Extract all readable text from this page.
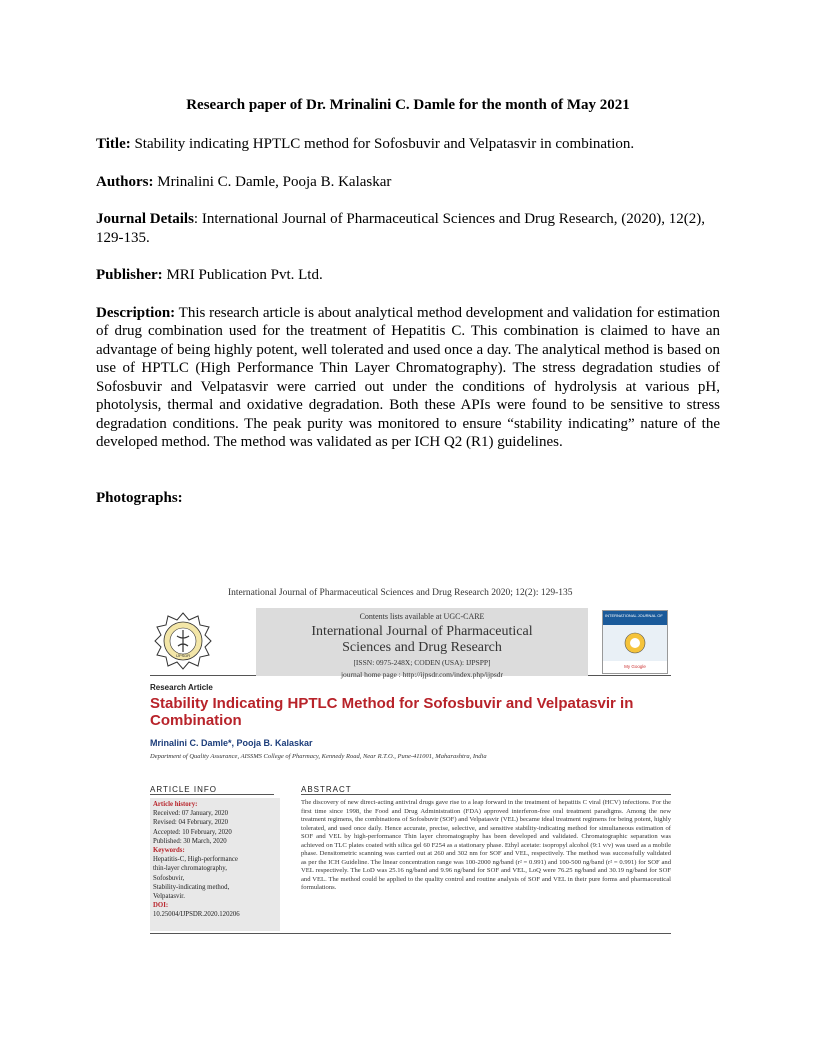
Research paper of Dr. Mrinalini C. Damle for the month of May 2021

Title: Stability indicating HPTLC method for Sofosbuvir and Velpatasvir in combination.

Authors: Mrinalini C. Damle, Pooja B. Kalaskar

Journal Details: International Journal of Pharmaceutical Sciences and Drug Research, (2020), 12(2), 129-135.

Publisher: MRI Publication Pvt. Ltd.

Description: This research article is about analytical method development and validation for estimation of drug combination used for the treatment of Hepatitis C. This combination is claimed to have an advantage of being highly potent, well tolerated and used once a day. The analytical method is based on use of HPTLC (High Performance Thin Layer Chromatography). The stress degradation studies of Sofosbuvir and Velpatasvir were carried out under the conditions of hydrolysis at various pH, photolysis, thermal and oxidative degradation. Both these APIs were found to be sensitive to stress degradation conditions. The peak purity was monitored to ensure “stability indicating” nature of the developed method. The method was validated as per ICH Q2 (R1) guidelines.

Photographs:

International Journal of Pharmaceutical Sciences and Drug Research 2020; 12(2): 129-135
IJPSDR
Contents lists available at UGC-CARE
International Journal of Pharmaceutical
Sciences and Drug Research
[ISSN: 0975-248X; CODEN (USA): IJPSPP]
journal home page : http://ijpsdr.com/index.php/ijpsdr
INTERNATIONAL JOURNAL OF
My Google
Research Article
Stability Indicating HPTLC Method for Sofosbuvir and Velpatasvir in Combination
Mrinalini C. Damle*, Pooja B. Kalaskar
Department of Quality Assurance, AISSMS College of Pharmacy, Kennedy Road, Near R.T.O., Pune-411001, Maharashtra, India
ARTICLE INFO	ABSTRACT
Article history:
Received: 07 January, 2020
Revised: 04 February, 2020
Accepted: 10 February, 2020
Published: 30 March, 2020
Keywords:
Hepatitis-C, High-performance
thin-layer chromatography,
Sofosbuvir,
Stability-indicating method,
Velpatasvir.
DOI:
10.25004/IJPSDR.2020.120206
The discovery of new direct-acting antiviral drugs gave rise to a leap forward in the treatment of hepatitis C viral (HCV) infections. For the first time since 1998, the Food and Drug Administration (FDA) approved interferon-free oral treatment paradigms. Among the new treatment regimens, the combinations of Sofosbuvir (SOF) and Velpatasvir (VEL) became ideal treatment regimens for being potent, highly tolerated, and used once daily. Hence accurate, precise, selective, and sensitive stability-indicating method for simultaneous estimation of SOF and VEL by high-performance Thin layer chromatography has been developed and validated. Chromatographic separation was achieved on TLC plates coated with silica gel 60 F254 as a stationary phase. Ethyl acetate: isopropyl alcohol (9:1 v/v) was used as a mobile phase. Densitometric scanning was carried out at 260 and 302 nm for SOF and VEL, respectively. The method was successfully validated as per the ICH Guideline. The linear concentration range was 100-2000 ng/band (r² = 0.991) and 100-500 ng/band (r² = 0.991) for SOF and VEL respectively. The LoD was 25.16 ng/band and 9.96 ng/band for SOF and VEL, LoQ were 76.25 ng/band and 30.19 ng/band for SOF and VEL. The method could be applied to the quality control and routine analysis of SOF and VEL in their pure forms and pharmaceutical formulations.
